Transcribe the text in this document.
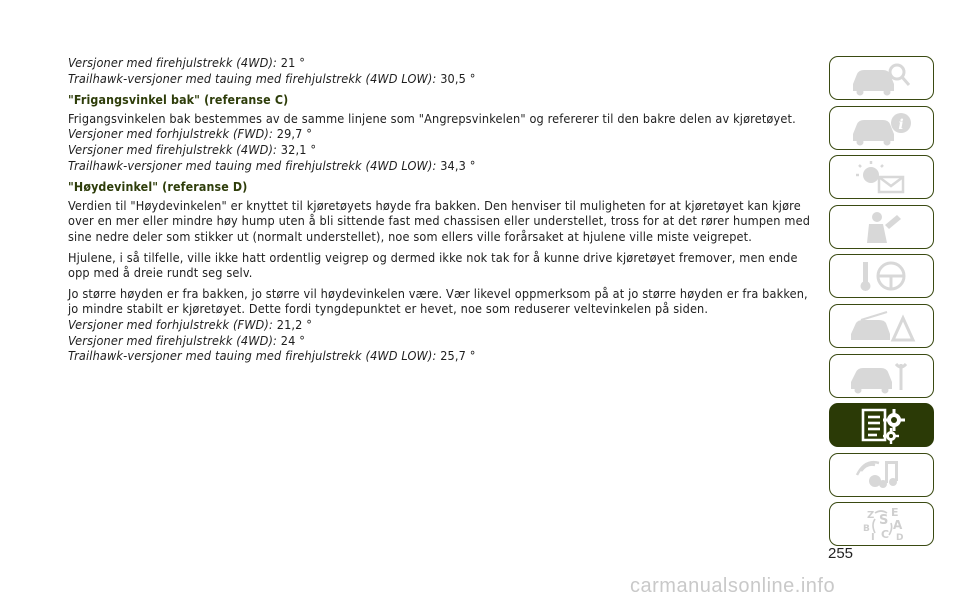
Versjoner med firehjulstrekk (4WD): 21 °
Trailhawk-versjoner med tauing med firehjulstrekk (4WD LOW): 30,5 °
"Frigangsvinkel bak" (referanse C)
Frigangsvinkelen bak bestemmes av de samme linjene som "Angrepsvinkelen" og refererer til den bakre delen av kjøretøyet.
Versjoner med forhjulstrekk (FWD): 29,7 °
Versjoner med firehjulstrekk (4WD): 32,1 °
Trailhawk-versjoner med tauing med firehjulstrekk (4WD LOW): 34,3 °
"Høydevinkel" (referanse D)
Verdien til "Høydevinkelen" er knyttet til kjøretøyets høyde fra bakken. Den henviser til muligheten for at kjøretøyet kan kjøre over en mer eller mindre høy hump uten å bli sittende fast med chassisen eller understellet, tross for at det rører humpen med sine nedre deler som stikker ut (normalt understellet), noe som ellers ville forårsaket at hjulene ville miste veigrepet.
Hjulene, i så tilfelle, ville ikke hatt ordentlig veigrep og dermed ikke nok tak for å kunne drive kjøretøyet fremover, men ende opp med å dreie rundt seg selv.
Jo større høyden er fra bakken, jo større vil høydevinkelen være. Vær likevel oppmerksom på at jo større høyden er fra bakken, jo mindre stabilt er kjøretøyet. Dette fordi tyngdepunktet er hevet, noe som reduserer veltevinkelen på siden.
Versjoner med forhjulstrekk (FWD): 21,2 °
Versjoner med firehjulstrekk (4WD): 24 °
Trailhawk-versjoner med tauing med firehjulstrekk (4WD LOW): 25,7 °
i
Z E
B A
I C D
S
255
carmanualsonline.info
